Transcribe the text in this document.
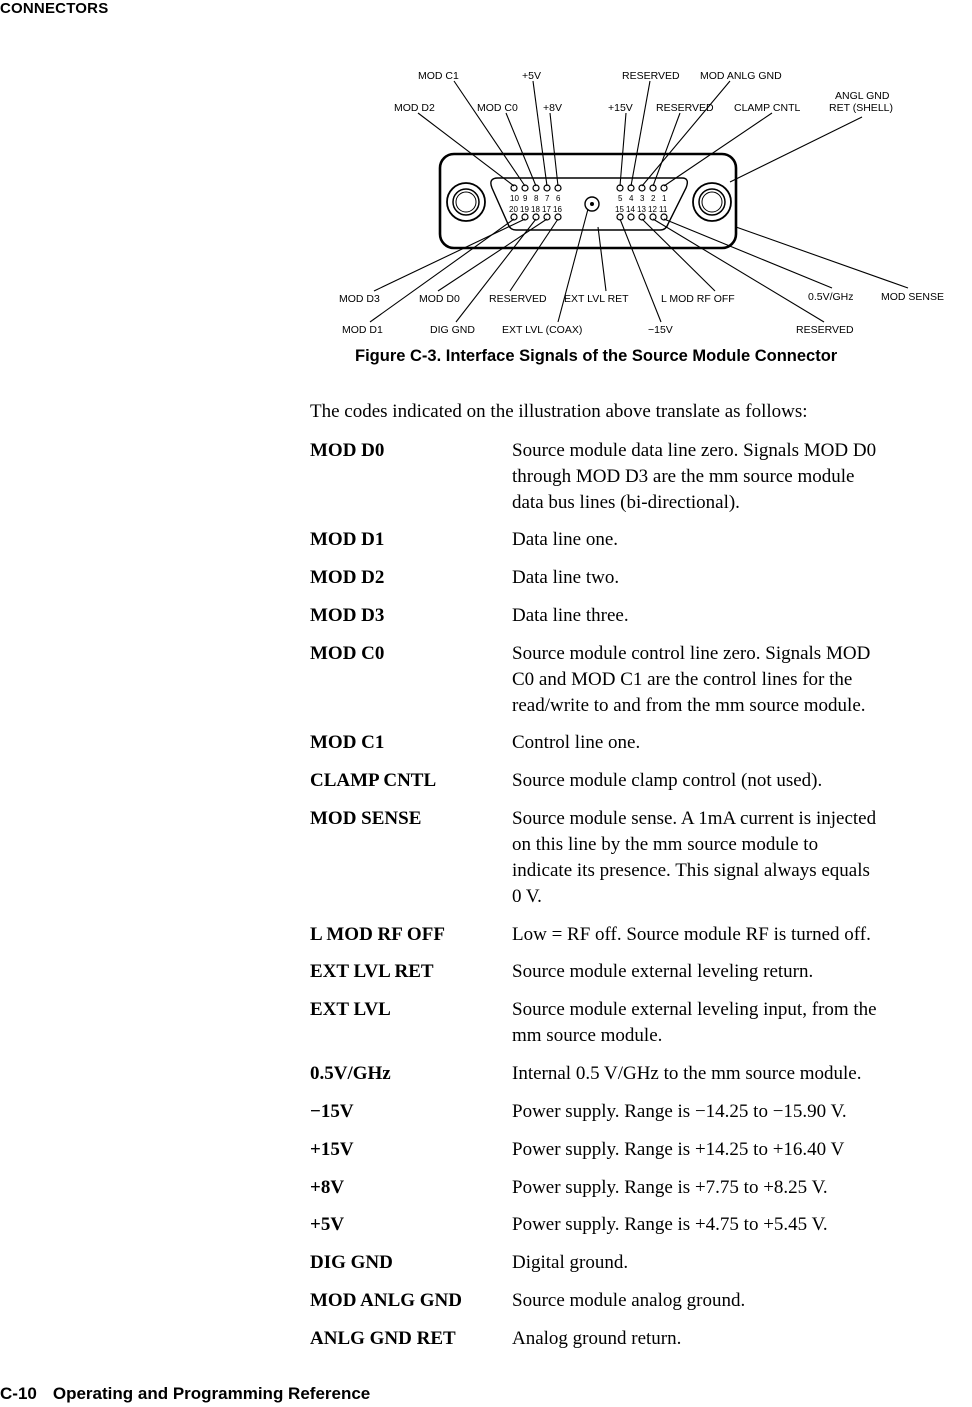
CONNECTORS
10 9 8 7 6	5 4 3 2 1
20 19 18 17 16	15 14 13 12 11
MOD C1	+5V	RESERVED MOD ANLG GND
MOD D2	MOD C0 +8V	+15V RESERVED CLAMP CNTL
ANGL GND
RET (SHELL)
MOD D3	MOD D0	RESERVED EXT LVL RET	L MOD RF OFF	0.5V/GHz	MOD SENSE
MOD D1	DIG GND	EXT LVL (COAX)	−15V	RESERVED
Figure C-3. Interface Signals of the Source Module Connector
The codes indicated on the illustration above translate as follows:
MOD D0	Source module data line zero. Signals MOD D0
through MOD D3 are the mm source module
data bus lines (bi-directional).
MOD D1	Data line one.
MOD D2	Data line two.
MOD D3	Data line three.
MOD C0	Source module control line zero. Signals MOD
C0 and MOD C1 are the control lines for the
read/write to and from the mm source module.
MOD C1	Control line one.
CLAMP CNTL	Source module clamp control (not used).
MOD SENSE	Source module sense. A 1mA current is injected
on this line by the mm source module to
indicate its presence. This signal always equals
0 V.
L MOD RF OFF	Low = RF off. Source module RF is turned off.
EXT LVL RET	Source module external leveling return.
EXT LVL	Source module external leveling input, from the
mm source module.
0.5V/GHz	Internal 0.5 V/GHz to the mm source module.
−15V	Power supply. Range is −14.25 to −15.90 V.
+15V	Power supply. Range is +14.25 to +16.40 V
+8V	Power supply. Range is +7.75 to +8.25 V.
+5V	Power supply. Range is +4.75 to +5.45 V.
DIG GND	Digital ground.
MOD ANLG GND	Source module analog ground.
ANLG GND RET	Analog ground return.
C-10 Operating and Programming Reference
